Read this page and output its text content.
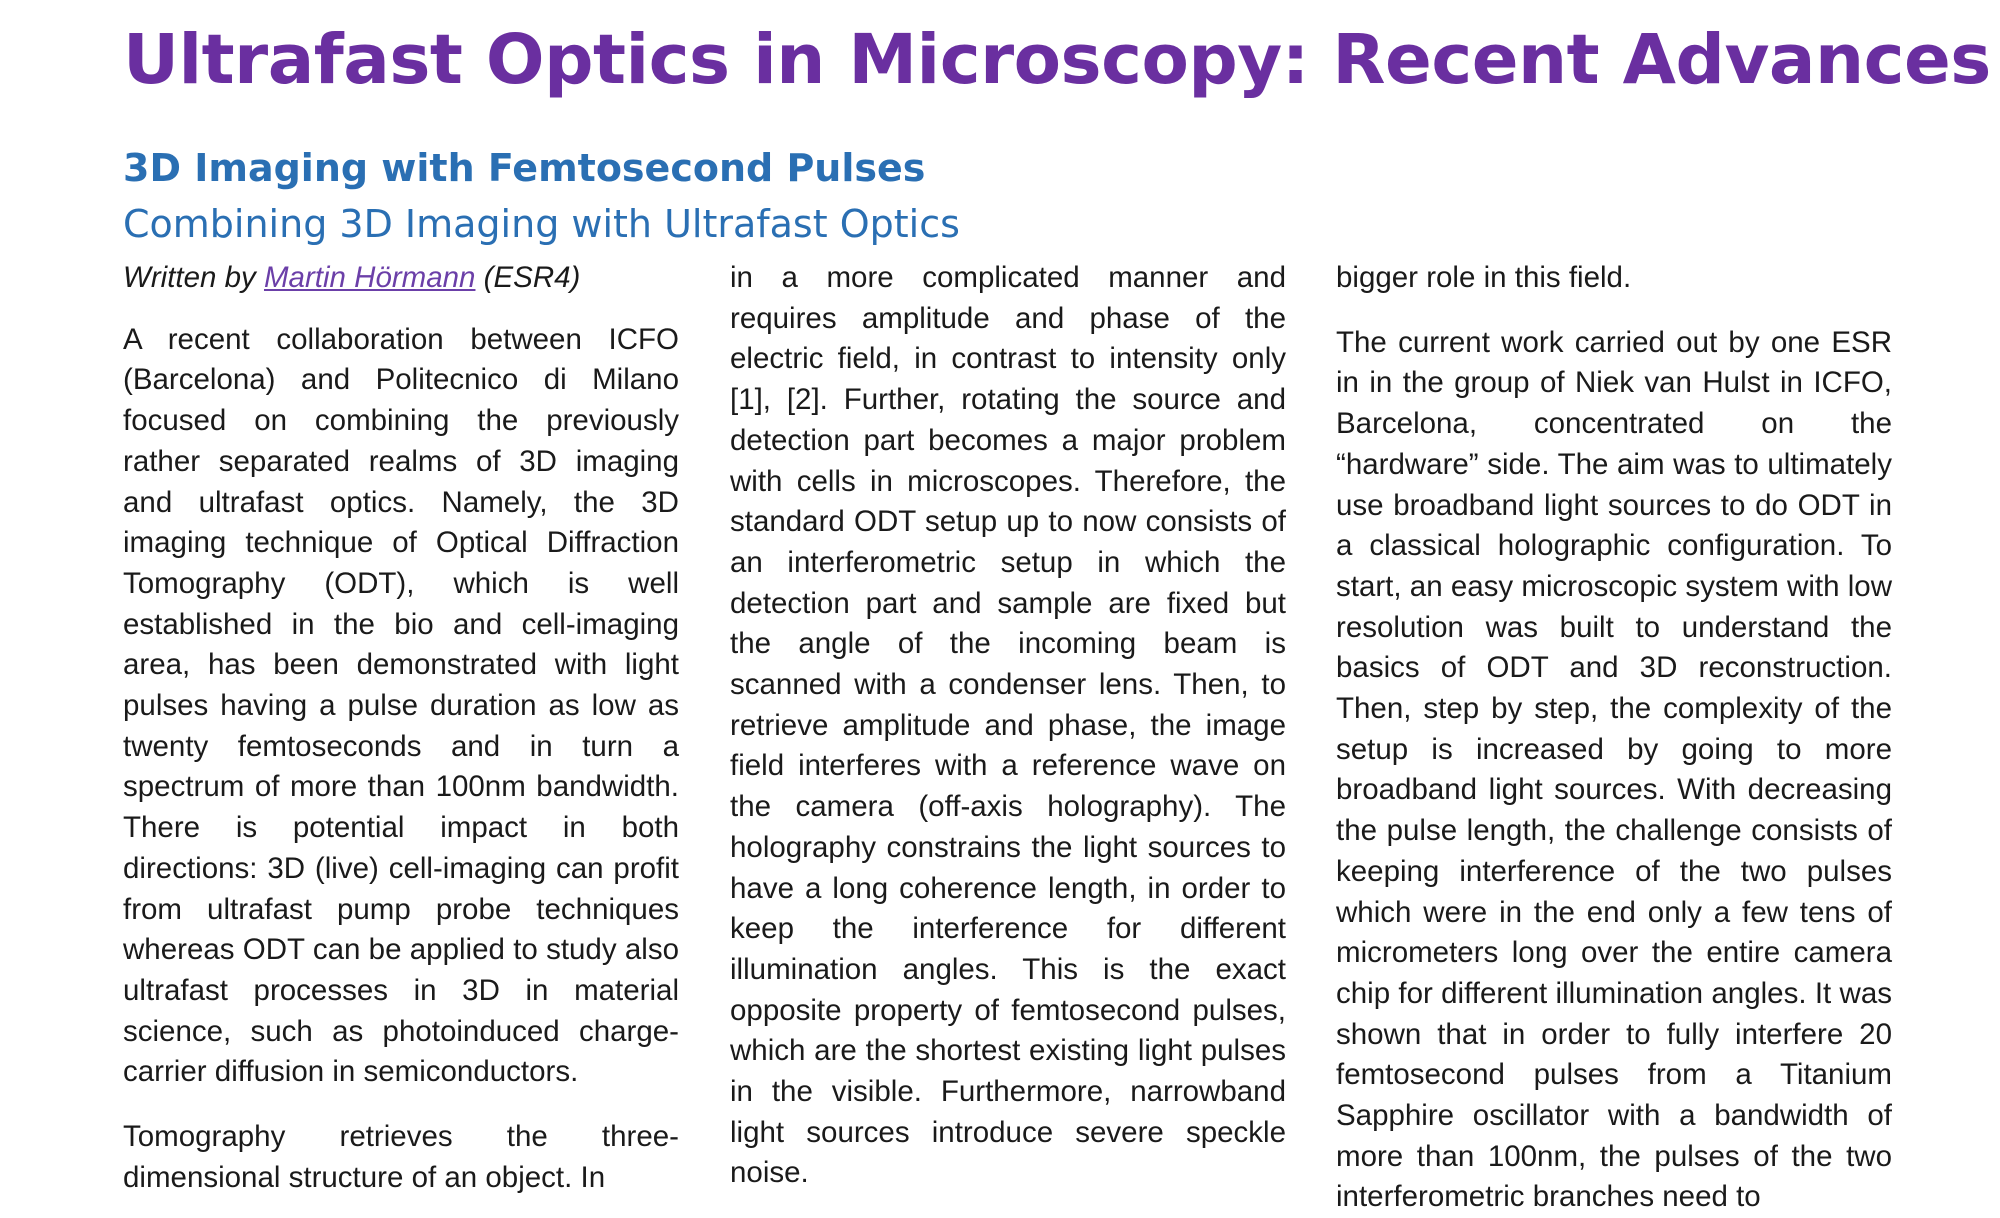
Ultrafast Optics in Microscopy: Recent Advances
3D Imaging with Femtosecond Pulses
Combining 3D Imaging with Ultrafast Optics
Written by Martin Hörmann (ESR4)

A recent collaboration between ICFO (Barcelona) and Politecnico di Milano focused on combining the previously rather separated realms of 3D imaging and ultrafast optics. Namely, the 3D imaging technique of Optical Diffraction Tomography (ODT), which is well established in the bio and cell-imaging area, has been demonstrated with light pulses having a pulse duration as low as twenty femtoseconds and in turn a spectrum of more than 100nm bandwidth. There is potential impact in both directions: 3D (live) cell-imaging can profit from ultrafast pump probe techniques whereas ODT can be applied to study also ultrafast processes in 3D in material science, such as photoinduced charge-carrier diffusion in semiconductors.

Tomography retrieves the three-dimensional structure of an object. In

in a more complicated manner and requires amplitude and phase of the electric field, in contrast to intensity only [1], [2]. Further, rotating the source and detection part becomes a major problem with cells in microscopes. Therefore, the standard ODT setup up to now consists of an interferometric setup in which the detection part and sample are fixed but the angle of the incoming beam is scanned with a condenser lens. Then, to retrieve amplitude and phase, the image field interferes with a reference wave on the camera (off-axis holography). The holography constrains the light sources to have a long coherence length, in order to keep the interference for different illumination angles. This is the exact opposite property of femtosecond pulses, which are the shortest existing light pulses in the visible. Furthermore, narrowband light sources introduce severe speckle noise.

bigger role in this field.

The current work carried out by one ESR in in the group of Niek van Hulst in ICFO, Barcelona, concentrated on the “hardware” side. The aim was to ultimately use broadband light sources to do ODT in a classical holographic configuration. To start, an easy microscopic system with low resolution was built to understand the basics of ODT and 3D reconstruction. Then, step by step, the complexity of the setup is increased by going to more broadband light sources. With decreasing the pulse length, the challenge consists of keeping interference of the two pulses which were in the end only a few tens of micrometers long over the entire camera chip for different illumination angles. It was shown that in order to fully interfere 20 femtosecond pulses from a Titanium Sapphire oscillator with a bandwidth of more than 100nm, the pulses of the two interferometric branches need to
